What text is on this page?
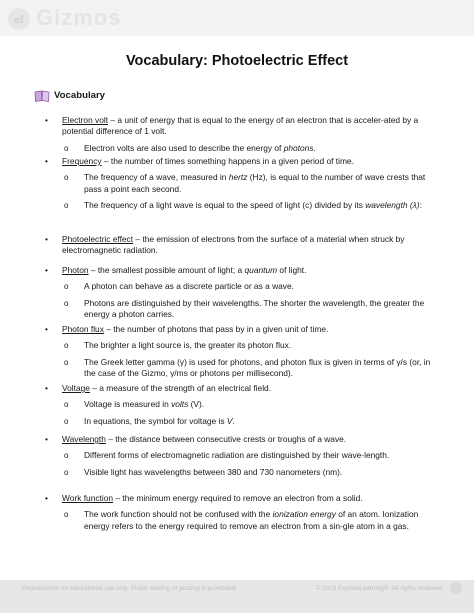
el Gizmos
Vocabulary: Photoelectric Effect
Vocabulary
• Electron volt – a unit of energy that is equal to the energy of an electron that is acceler-ated by a potential difference of 1 volt.
o Electron volts are also used to describe the energy of photons.
• Frequency – the number of times something happens in a given period of time.
o The frequency of a wave, measured in hertz (Hz), is equal to the number of wave crests that pass a point each second.
o The frequency of a light wave is equal to the speed of light (c) divided by its wavelength (λ):
• Photoelectric effect – the emission of electrons from the surface of a material when struck by electromagnetic radiation.
• Photon – the smallest possible amount of light; a quantum of light.
o A photon can behave as a discrete particle or as a wave.
o Photons are distinguished by their wavelengths. The shorter the wavelength, the greater the energy a photon carries.
• Photon flux – the number of photons that pass by in a given unit of time.
o The brighter a light source is, the greater its photon flux.
o The Greek letter gamma (γ) is used for photons, and photon flux is given in terms of γ/s (or, in the case of the Gizmo, γ/ms or photons per millisecond).
• Voltage – a measure of the strength of an electrical field.
o Voltage is measured in volts (V).
o In equations, the symbol for voltage is V.
• Wavelength – the distance between consecutive crests or troughs of a wave.
o Different forms of electromagnetic radiation are distinguished by their wave-length.
o Visible light has wavelengths between 380 and 730 nanometers (nm).
• Work function – the minimum energy required to remove an electron from a solid.
o The work function should not be confused with the ionization energy of an atom. Ionization energy refers to the energy required to remove an electron from a sin-gle atom in a gas.
Reproduction for educational use only. Public sharing or posting is prohibited.	© 2019 ExploreLearning®. All rights reserved
